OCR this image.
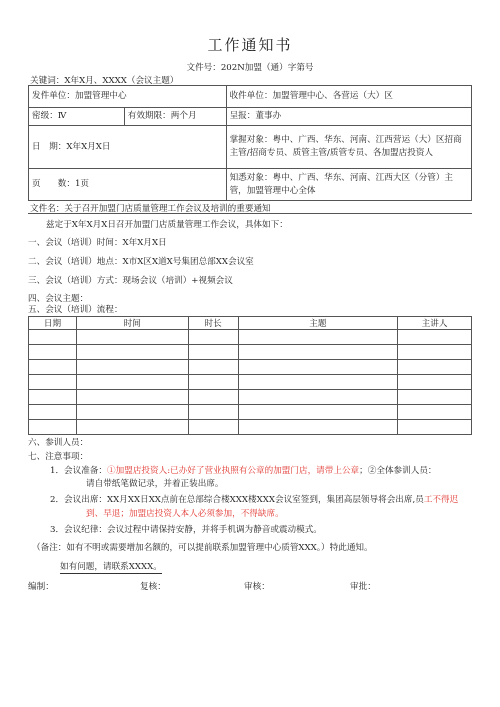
工作通知书
文件号：202N加盟（通）字第号
关键词：X年X月、XXXX（会议主题）
发件单位：加盟管理中心		收件单位：加盟管理中心、各营运（大）区
密级：Ⅳ	有效期限：两个月	呈报：董事办
日　期：X年X月X日		掌握对象：粤中、广西、华东、河南、江西营运（大）区招商主管/招商专员、质管主管/质管专员、各加盟店投资人
页　　数：1页		知悉对象：粤中、广西、华东、河南、江西大区（分管）主管，加盟管理中心全体
文件名：关于召开加盟门店质量管理工作会议及培训的重要通知
兹定于X年X月X日召开加盟门店质量管理工作会议，具体如下：
一、会议（培训）时间：X年X月X日
二、会议（培训）地点：X市X区X道X号集团总部XX会议室
三、会议（培训）方式：现场会议（培训）+视频会议
四、会议主题：
五、会议（培训）流程：
日期	时间	时长	主题	主讲人

六、参训人员：
七、注意事项：
1．会议准备：①加盟店投资人:已办好了营业执照有公章的加盟门店，请带上公章；②全体参训人员：
请自带纸笔做记录，并着正装出席。
2．会议出席：XX月XX日XX点前在总部综合楼XXX楼XXX会议室签到，集团高层领导将会出席,员工不得迟
到、早退；加盟店投资人本人必须参加，不得缺席。
3．会议纪律：会议过程中请保持安静，并将手机调为静音或震动模式。
（备注：如有不明或需要增加名额的，可以提前联系加盟管理中心质管XXX。）特此通知。
如有问题，请联系XXXX。
编制：	复核：	审核：	审批：
